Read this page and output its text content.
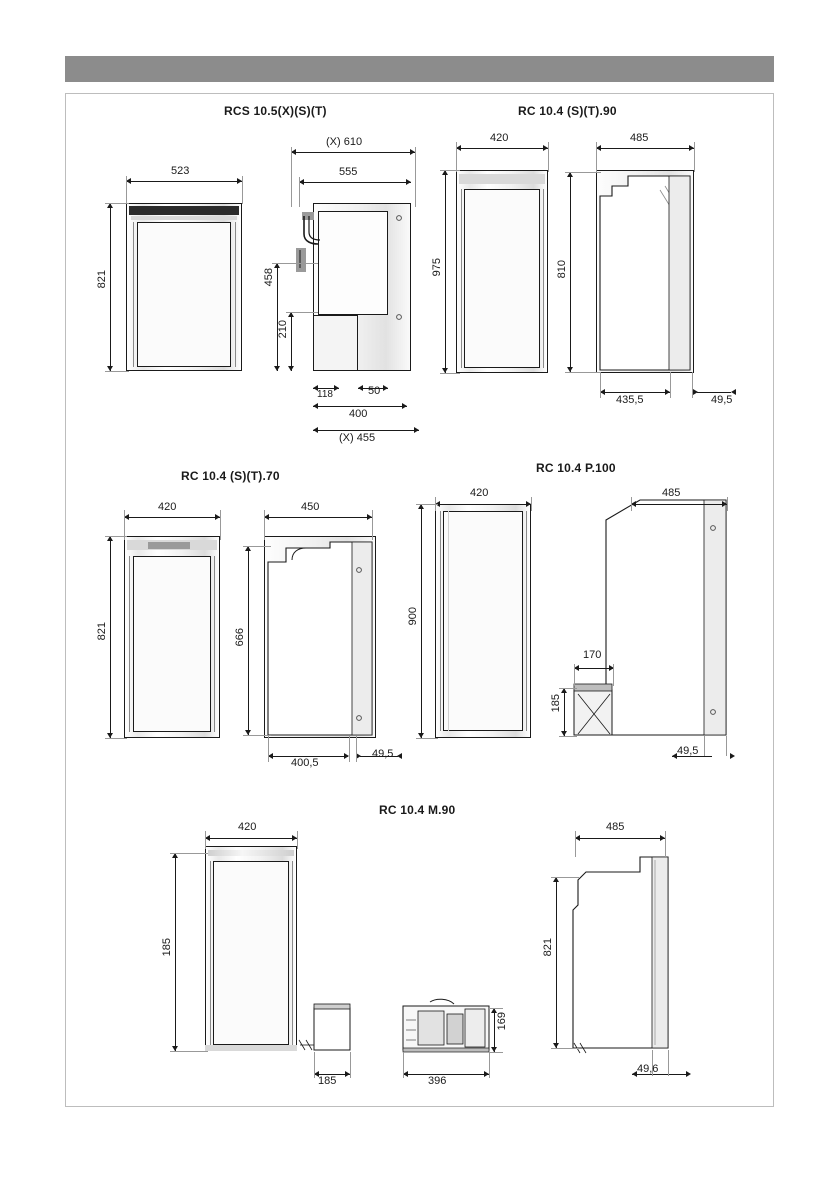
RCS 10.5(X)(S)(T)	RC 10.4 (S)(T).90
RC 10.4 (S)(T).70
RC 10.4 P.100
RC 10.4 M.90
523
821
(X) 610
555
458
210
118	50
400
(X) 455
420
975
485
810
435,5	49,5
420
821
450
666
400,5
49,5
420
900
485
170
185
49,5
420
185
185
169
396
485
821
49,6
